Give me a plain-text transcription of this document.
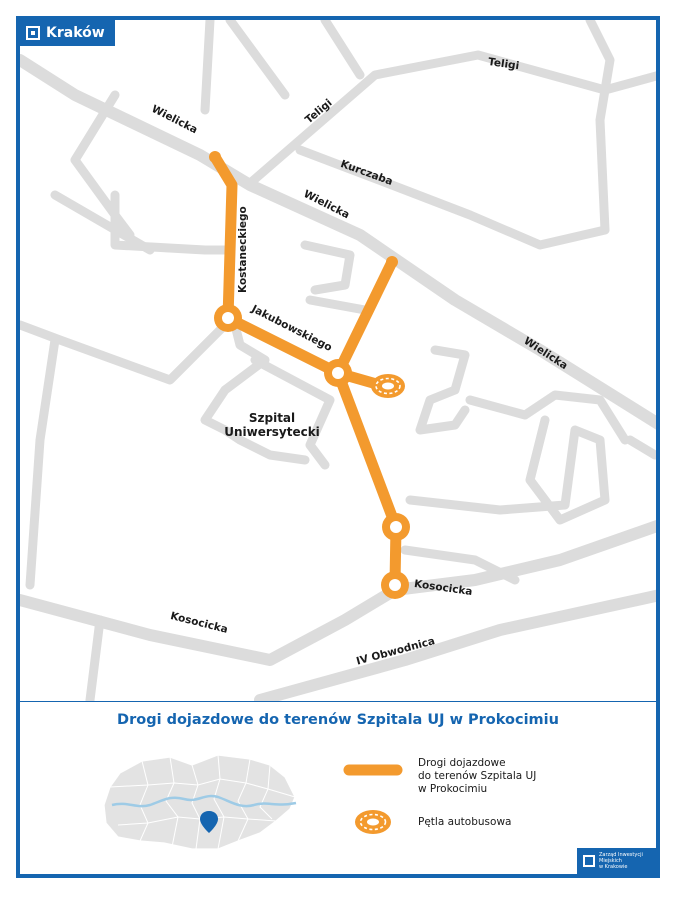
Kraków
Wielicka
Wielicka
Wielicka
Teligi
Teligi
Kurczaba
Kostaneckiego
Jakubowskiego
Kosocicka
Kosocicka
IV Obwodnica
Szpital
Uniwersytecki
Drogi dojazdowe do terenów Szpitala UJ w Prokocimiu
Drogi dojazdowe
do terenów Szpitala UJ
w Prokocimiu
Pętla autobusowa
Zarząd Inwestycji
Miejskich
w Krakowie
